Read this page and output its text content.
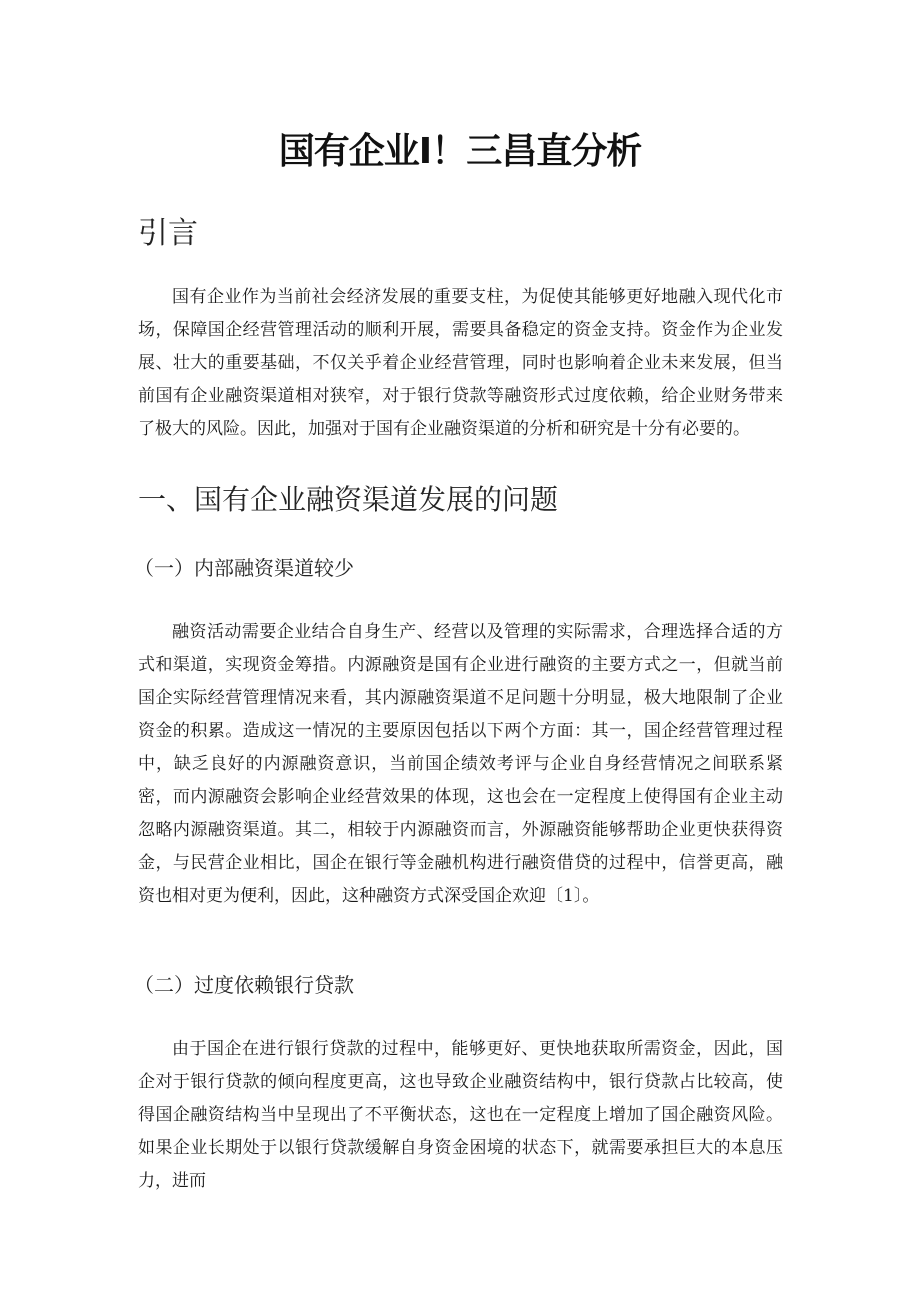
国有企业I！三昌直分析
引言

国有企业作为当前社会经济发展的重要支柱，为促使其能够更好地融入现代化市场，保障国企经营管理活动的顺利开展，需要具备稳定的资金支持。资金作为企业发展、壮大的重要基础，不仅关乎着企业经营管理，同时也影响着企业未来发展，但当前国有企业融资渠道相对狭窄，对于银行贷款等融资形式过度依赖，给企业财务带来了极大的风险。因此，加强对于国有企业融资渠道的分析和研究是十分有必要的。

一、国有企业融资渠道发展的问题
（一）内部融资渠道较少

融资活动需要企业结合自身生产、经营以及管理的实际需求，合理选择合适的方式和渠道，实现资金筹措。内源融资是国有企业进行融资的主要方式之一，但就当前国企实际经营管理情况来看，其内源融资渠道不足问题十分明显，极大地限制了企业资金的积累。造成这一情况的主要原因包括以下两个方面：其一，国企经营管理过程中，缺乏良好的内源融资意识，当前国企绩效考评与企业自身经营情况之间联系紧密，而内源融资会影响企业经营效果的体现，这也会在一定程度上使得国有企业主动忽略内源融资渠道。其二，相较于内源融资而言，外源融资能够帮助企业更快获得资金，与民营企业相比，国企在银行等金融机构进行融资借贷的过程中，信誉更高，融资也相对更为便利，因此，这种融资方式深受国企欢迎〔1〕。

（二）过度依赖银行贷款

由于国企在进行银行贷款的过程中，能够更好、更快地获取所需资金，因此，国企对于银行贷款的倾向程度更高，这也导致企业融资结构中，银行贷款占比较高，使得国企融资结构当中呈现出了不平衡状态，这也在一定程度上增加了国企融资风险。如果企业长期处于以银行贷款缓解自身资金困境的状态下，就需要承担巨大的本息压力，进而
